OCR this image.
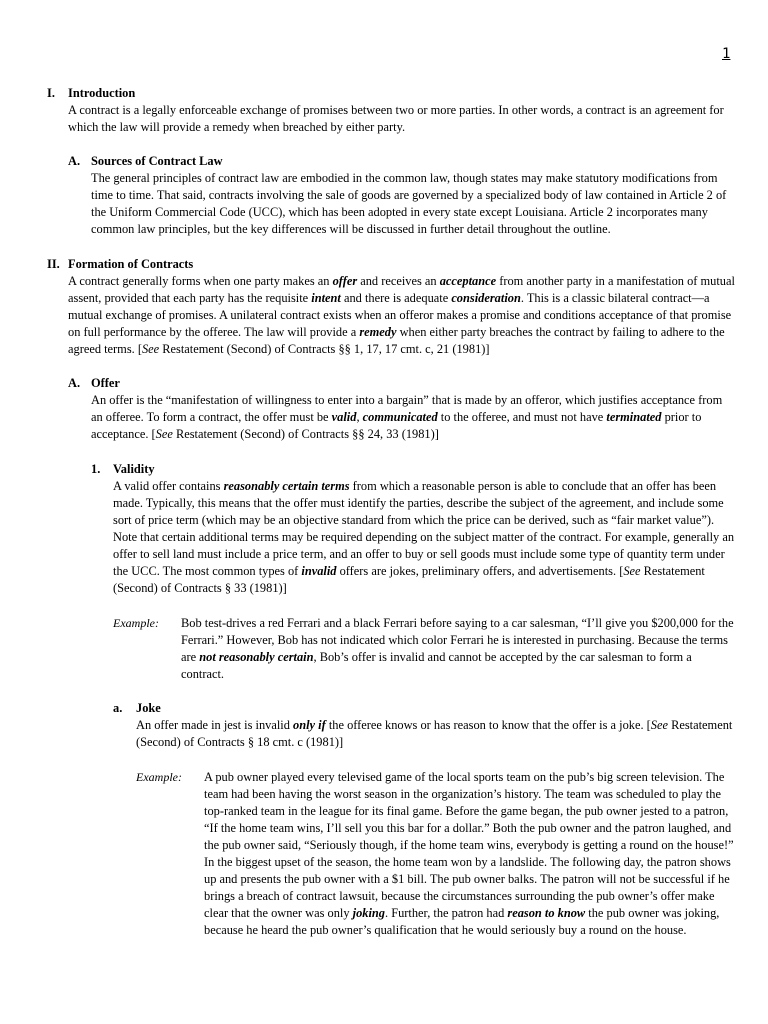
1
I. Introduction
A contract is a legally enforceable exchange of promises between two or more parties. In other words, a contract is an agreement for which the law will provide a remedy when breached by either party.
A. Sources of Contract Law
The general principles of contract law are embodied in the common law, though states may make statutory modifications from time to time. That said, contracts involving the sale of goods are governed by a specialized body of law contained in Article 2 of the Uniform Commercial Code (UCC), which has been adopted in every state except Louisiana. Article 2 incorporates many common law principles, but the key differences will be discussed in further detail throughout the outline.
II. Formation of Contracts
A contract generally forms when one party makes an offer and receives an acceptance from another party in a manifestation of mutual assent, provided that each party has the requisite intent and there is adequate consideration. This is a classic bilateral contract—a mutual exchange of promises. A unilateral contract exists when an offeror makes a promise and conditions acceptance of that promise on full performance by the offeree. The law will provide a remedy when either party breaches the contract by failing to adhere to the agreed terms. [See Restatement (Second) of Contracts §§ 1, 17, 17 cmt. c, 21 (1981)]
A. Offer
An offer is the “manifestation of willingness to enter into a bargain” that is made by an offeror, which justifies acceptance from an offeree. To form a contract, the offer must be valid, communicated to the offeree, and must not have terminated prior to acceptance. [See Restatement (Second) of Contracts §§ 24, 33 (1981)]
1. Validity
A valid offer contains reasonably certain terms from which a reasonable person is able to conclude that an offer has been made. Typically, this means that the offer must identify the parties, describe the subject of the agreement, and include some sort of price term (which may be an objective standard from which the price can be derived, such as “fair market value”). Note that certain additional terms may be required depending on the subject matter of the contract. For example, generally an offer to sell land must include a price term, and an offer to buy or sell goods must include some type of quantity term under the UCC. The most common types of invalid offers are jokes, preliminary offers, and advertisements. [See Restatement (Second) of Contracts § 33 (1981)]
Example: Bob test-drives a red Ferrari and a black Ferrari before saying to a car salesman, “I’ll give you $200,000 for the Ferrari.” However, Bob has not indicated which color Ferrari he is interested in purchasing. Because the terms are not reasonably certain, Bob’s offer is invalid and cannot be accepted by the car salesman to form a contract.
a. Joke
An offer made in jest is invalid only if the offeree knows or has reason to know that the offer is a joke. [See Restatement (Second) of Contracts § 18 cmt. c (1981)]
Example: A pub owner played every televised game of the local sports team on the pub’s big screen television. The team had been having the worst season in the organization’s history. The team was scheduled to play the top-ranked team in the league for its final game. Before the game began, the pub owner jested to a patron, “If the home team wins, I’ll sell you this bar for a dollar.” Both the pub owner and the patron laughed, and the pub owner said, “Seriously though, if the home team wins, everybody is getting a round on the house!” In the biggest upset of the season, the home team won by a landslide. The following day, the patron shows up and presents the pub owner with a $1 bill. The pub owner balks. The patron will not be successful if he brings a breach of contract lawsuit, because the circumstances surrounding the pub owner’s offer make clear that the owner was only joking. Further, the patron had reason to know the pub owner was joking, because he heard the pub owner’s qualification that he would seriously buy a round on the house.
